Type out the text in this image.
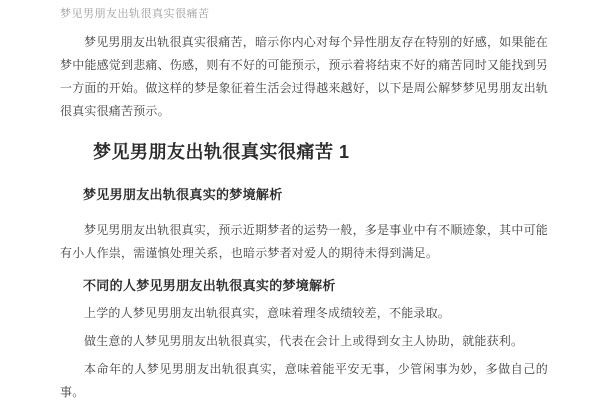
梦见男朋友出轨很真实很痛苦

梦见男朋友出轨很真实很痛苦，暗示你内心对每个异性朋友存在特别的好感，如果能在梦中能感觉到悲痛、伤感，则有不好的可能预示，预示着将结束不好的痛苦同时又能找到另一方面的开始。做这样的梦是象征着生活会过得越来越好，以下是周公解梦梦见男朋友出轨很真实很痛苦预示。

梦见男朋友出轨很真实很痛苦 1
梦见男朋友出轨很真实的梦境解析

梦见男朋友出轨很真实，预示近期梦者的运势一般，多是事业中有不顺迹象，其中可能有小人作祟，需谨慎处理关系，也暗示梦者对爱人的期待未得到满足。

不同的人梦见男朋友出轨很真实的梦境解析

上学的人梦见男朋友出轨很真实，意味着理冬成绩较差，不能录取。

做生意的人梦见男朋友出轨很真实，代表在会计上或得到女主人协助，就能获利。

本命年的人梦见男朋友出轨很真实，意味着能平安无事，少管闲事为妙，多做自己的事。
